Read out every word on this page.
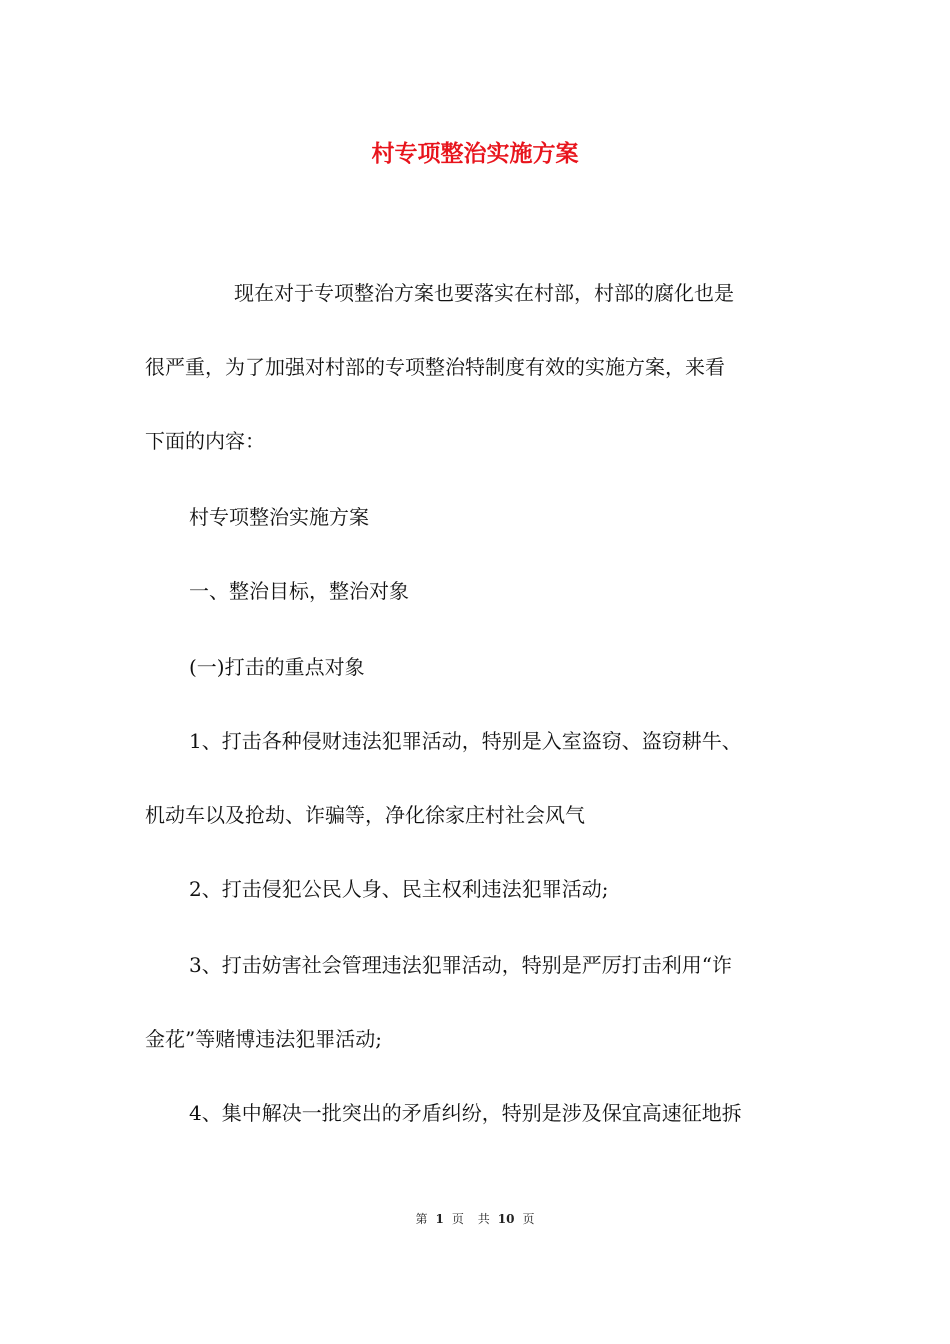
村专项整治实施方案

现在对于专项整治方案也要落实在村部，村部的腐化也是

很严重，为了加强对村部的专项整治特制度有效的实施方案，来看

下面的内容：

村专项整治实施方案

一、整治目标，整治对象

(一)打击的重点对象

1、打击各种侵财违法犯罪活动，特别是入室盗窃、盗窃耕牛、

机动车以及抢劫、诈骗等，净化徐家庄村社会风气

2、打击侵犯公民人身、民主权利违法犯罪活动;

3、打击妨害社会管理违法犯罪活动，特别是严厉打击利用“诈

金花”等赌博违法犯罪活动;

4、集中解决一批突出的矛盾纠纷，特别是涉及保宜高速征地拆

第 1 页 共 10 页
